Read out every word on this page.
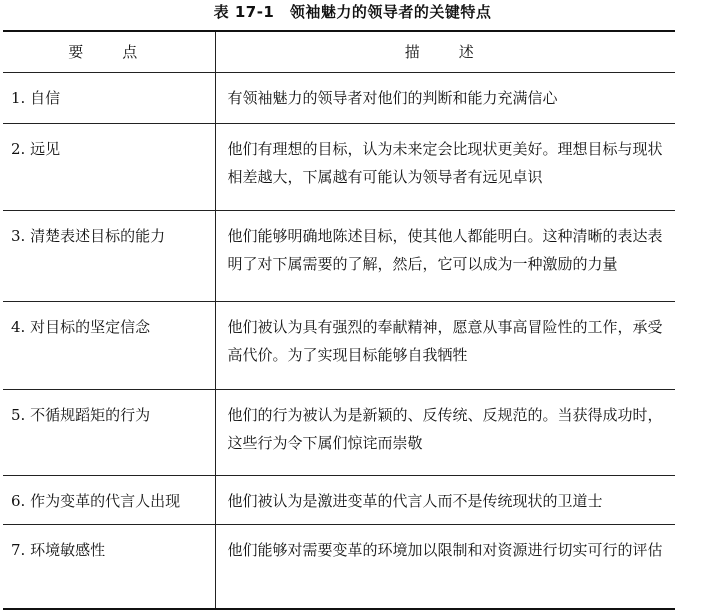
表 17-1　领袖魅力的领导者的关键特点
要　点	描　述
1. 自信	有领袖魅力的领导者对他们的判断和能力充满信心
2. 远见	他们有理想的目标，认为未来定会比现状更美好。理想目标与现状相差越大，下属越有可能认为领导者有远见卓识
3. 清楚表述目标的能力	他们能够明确地陈述目标，使其他人都能明白。这种清晰的表达表明了对下属需要的了解，然后，它可以成为一种激励的力量
4. 对目标的坚定信念	他们被认为具有强烈的奉献精神，愿意从事高冒险性的工作，承受高代价。为了实现目标能够自我牺牲
5. 不循规蹈矩的行为	他们的行为被认为是新颖的、反传统、反规范的。当获得成功时，这些行为令下属们惊诧而崇敬
6. 作为变革的代言人出现	他们被认为是激进变革的代言人而不是传统现状的卫道士
7. 环境敏感性	他们能够对需要变革的环境加以限制和对资源进行切实可行的评估
